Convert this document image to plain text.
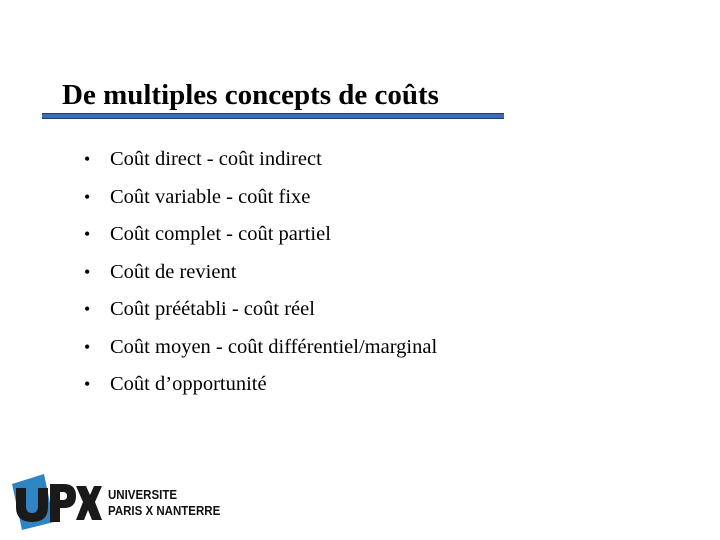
De multiples concepts de coûts
• Coût direct - coût indirect
• Coût variable - coût fixe
• Coût complet - coût partiel
• Coût de revient
• Coût préétabli - coût réel
• Coût moyen - coût différentiel/marginal
• Coût d’opportunité
UNIVERSITE
PARIS X NANTERRE
